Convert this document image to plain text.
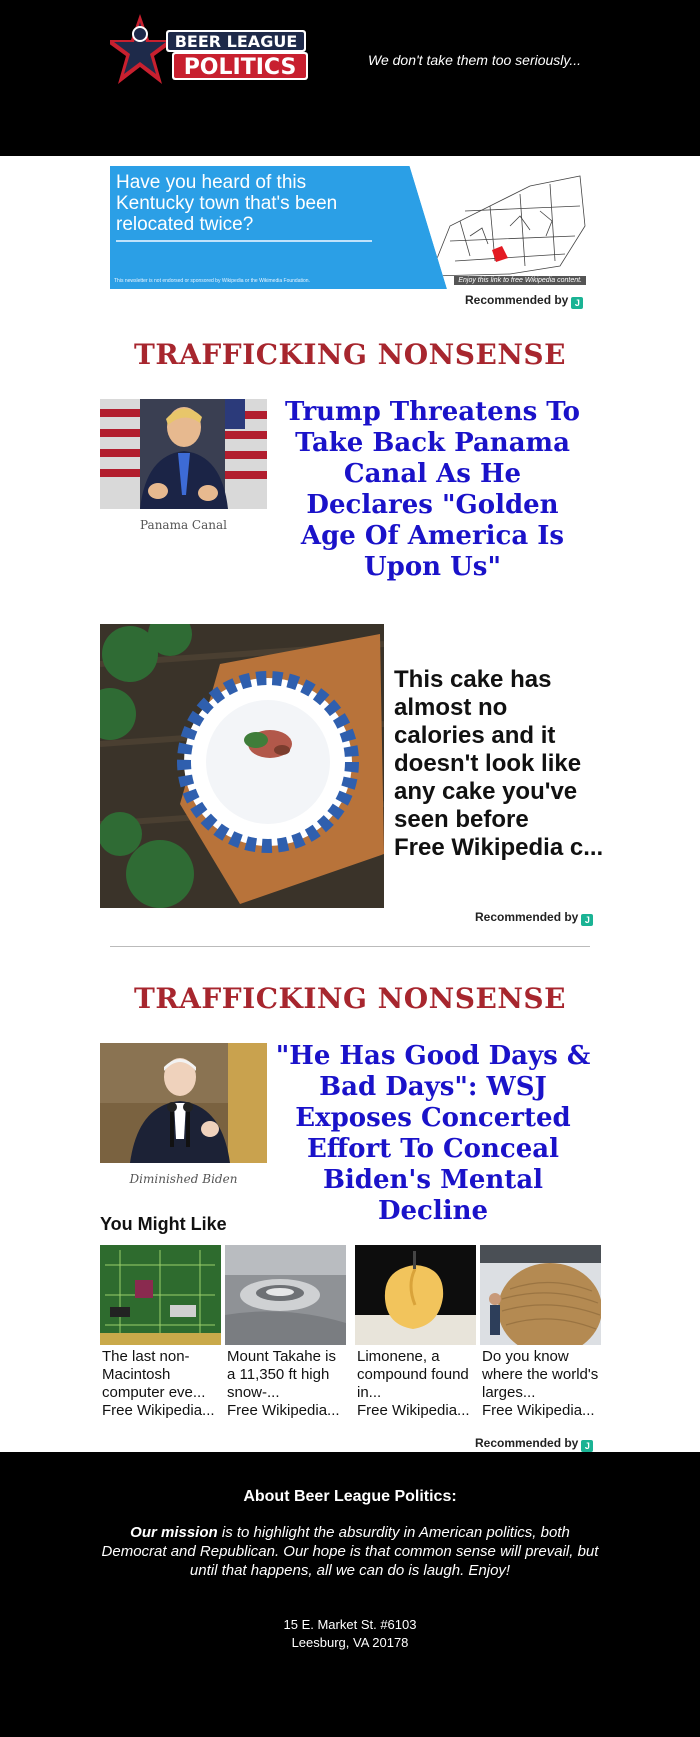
BEER LEAGUE
POLITICS	We don't take them too seriously...
Have you heard of this Kentucky town that's been relocated twice?
This newsletter is not endorsed or sponsored by Wikipedia or the Wikimedia Foundation.	Enjoy this link to free Wikipedia content.
Recommended by J
TRAFFICKING NONSENSE
Panama Canal
Trump Threatens To Take Back Panama Canal As He Declares "Golden Age Of America Is Upon Us"
This cake has almost no calories and it doesn't look like any cake you've seen before
Free Wikipedia c...
Recommended by J
TRAFFICKING NONSENSE
Diminished Biden
"He Has Good Days & Bad Days": WSJ Exposes Concerted Effort To Conceal Biden's Mental Decline
You Might Like
The last non-Macintosh computer eve...
Free Wikipedia...
Mount Takahe is a 11,350 ft high snow-...
Free Wikipedia...
Limonene, a compound found in...
Free Wikipedia...
Do you know where the world's larges...
Free Wikipedia...
Recommended by J
About Beer League Politics:
Our mission is to highlight the absurdity in American politics, both Democrat and Republican. Our hope is that common sense will prevail, but until that happens, all we can do is laugh. Enjoy!
15 E. Market St. #6103
Leesburg, VA 20178
